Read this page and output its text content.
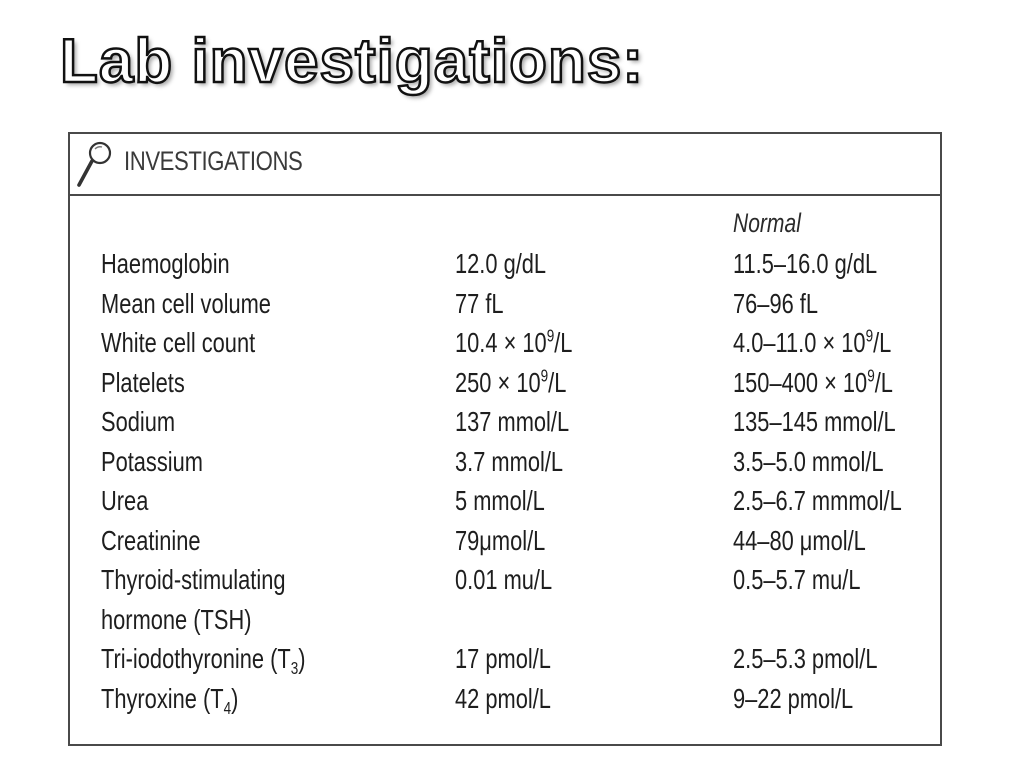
Lab investigations:
INVESTIGATIONS
Normal
Haemoglobin	12.0 g/dL	11.5–16.0 g/dL
Mean cell volume	77 fL	76–96 fL
White cell count	$10.4 \times 10^9/L$	$4.0-11.0 \times 10^9/L$
Platelets	$250 \times 10^9/L$	$150-400 \times 10^9/L$
Sodium	137 mmol/L	135–145 mmol/L
Potassium	3.7 mmol/L	3.5–5.0 mmol/L
Urea	5 mmol/L	2.5–6.7 mmmol/L
Creatinine	79μmol/L	44–80 μmol/L
Thyroid-stimulating
hormone (TSH)
0.01 mu/L	0.5–5.7 mu/L
Tri-iodothyronine $(T_3)$	17 pmol/L	2.5–5.3 pmol/L
Thyroxine $(T_4)$	42 pmol/L	9–22 pmol/L
